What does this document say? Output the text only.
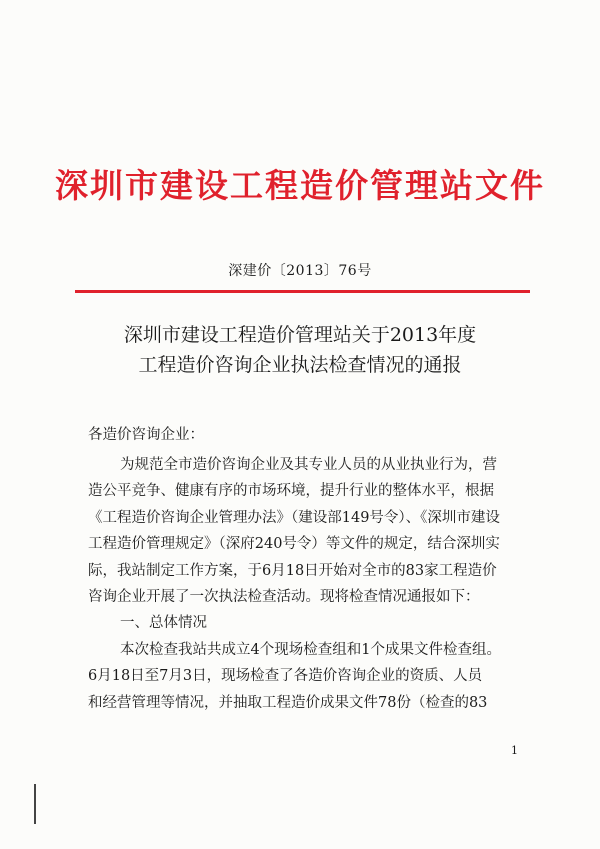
深圳市建设工程造价管理站文件
深建价〔2013〕76号
深圳市建设工程造价管理站关于2013年度
工程造价咨询企业执法检查情况的通报
各造价咨询企业：
为规范全市造价咨询企业及其专业人员的从业执业行为，营
造公平竞争、健康有序的市场环境，提升行业的整体水平，根据
《工程造价咨询企业管理办法》（建设部149号令）、《深圳市建设
工程造价管理规定》（深府240号令）等文件的规定，结合深圳实
际，我站制定工作方案，于6月18日开始对全市的83家工程造价
咨询企业开展了一次执法检查活动。现将检查情况通报如下：
一、总体情况
本次检查我站共成立4个现场检查组和1个成果文件检查组。
6月18日至7月3日，现场检查了各造价咨询企业的资质、人员
和经营管理等情况，并抽取工程造价成果文件78份（检查的83
1
